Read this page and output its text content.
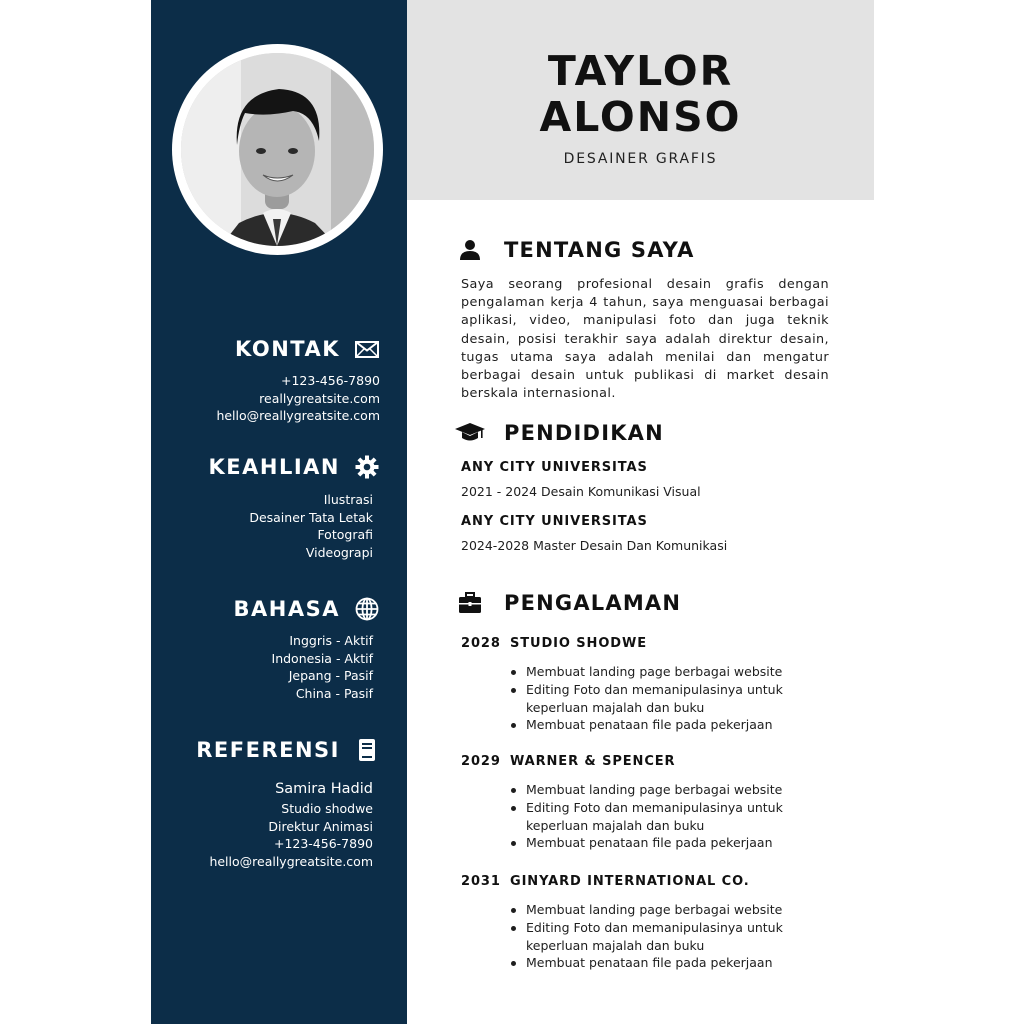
KONTAK
+123-456-7890
reallygreatsite.com
hello@reallygreatsite.com
KEAHLIAN
Ilustrasi
Desainer Tata Letak
Fotografi
Videograpi
BAHASA
Inggris - Aktif
Indonesia - Aktif
Jepang - Pasif
China - Pasif
REFERENSI
Samira Hadid
Studio shodwe
Direktur Animasi
+123-456-7890
hello@reallygreatsite.com
TAYLOR
ALONSO
DESAINER GRAFIS
TENTANG SAYA
Saya seorang profesional desain grafis dengan pengalaman kerja 4 tahun, saya menguasai berbagai aplikasi, video, manipulasi foto dan juga teknik desain, posisi terakhir saya adalah direktur desain, tugas utama saya adalah menilai dan mengatur berbagai desain untuk publikasi di market desain berskala internasional.
PENDIDIKAN
ANY CITY UNIVERSITAS
2021 - 2024 Desain Komunikasi Visual
ANY CITY UNIVERSITAS
2024-2028 Master Desain Dan Komunikasi
PENGALAMAN
2028 STUDIO SHODWE
Membuat landing page berbagai website
Editing Foto dan memanipulasinya untuk keperluan majalah dan buku
Membuat penataan file pada pekerjaan
2029 WARNER & SPENCER
Membuat landing page berbagai website
Editing Foto dan memanipulasinya untuk keperluan majalah dan buku
Membuat penataan file pada pekerjaan
2031 GINYARD INTERNATIONAL CO.
Membuat landing page berbagai website
Editing Foto dan memanipulasinya untuk keperluan majalah dan buku
Membuat penataan file pada pekerjaan
